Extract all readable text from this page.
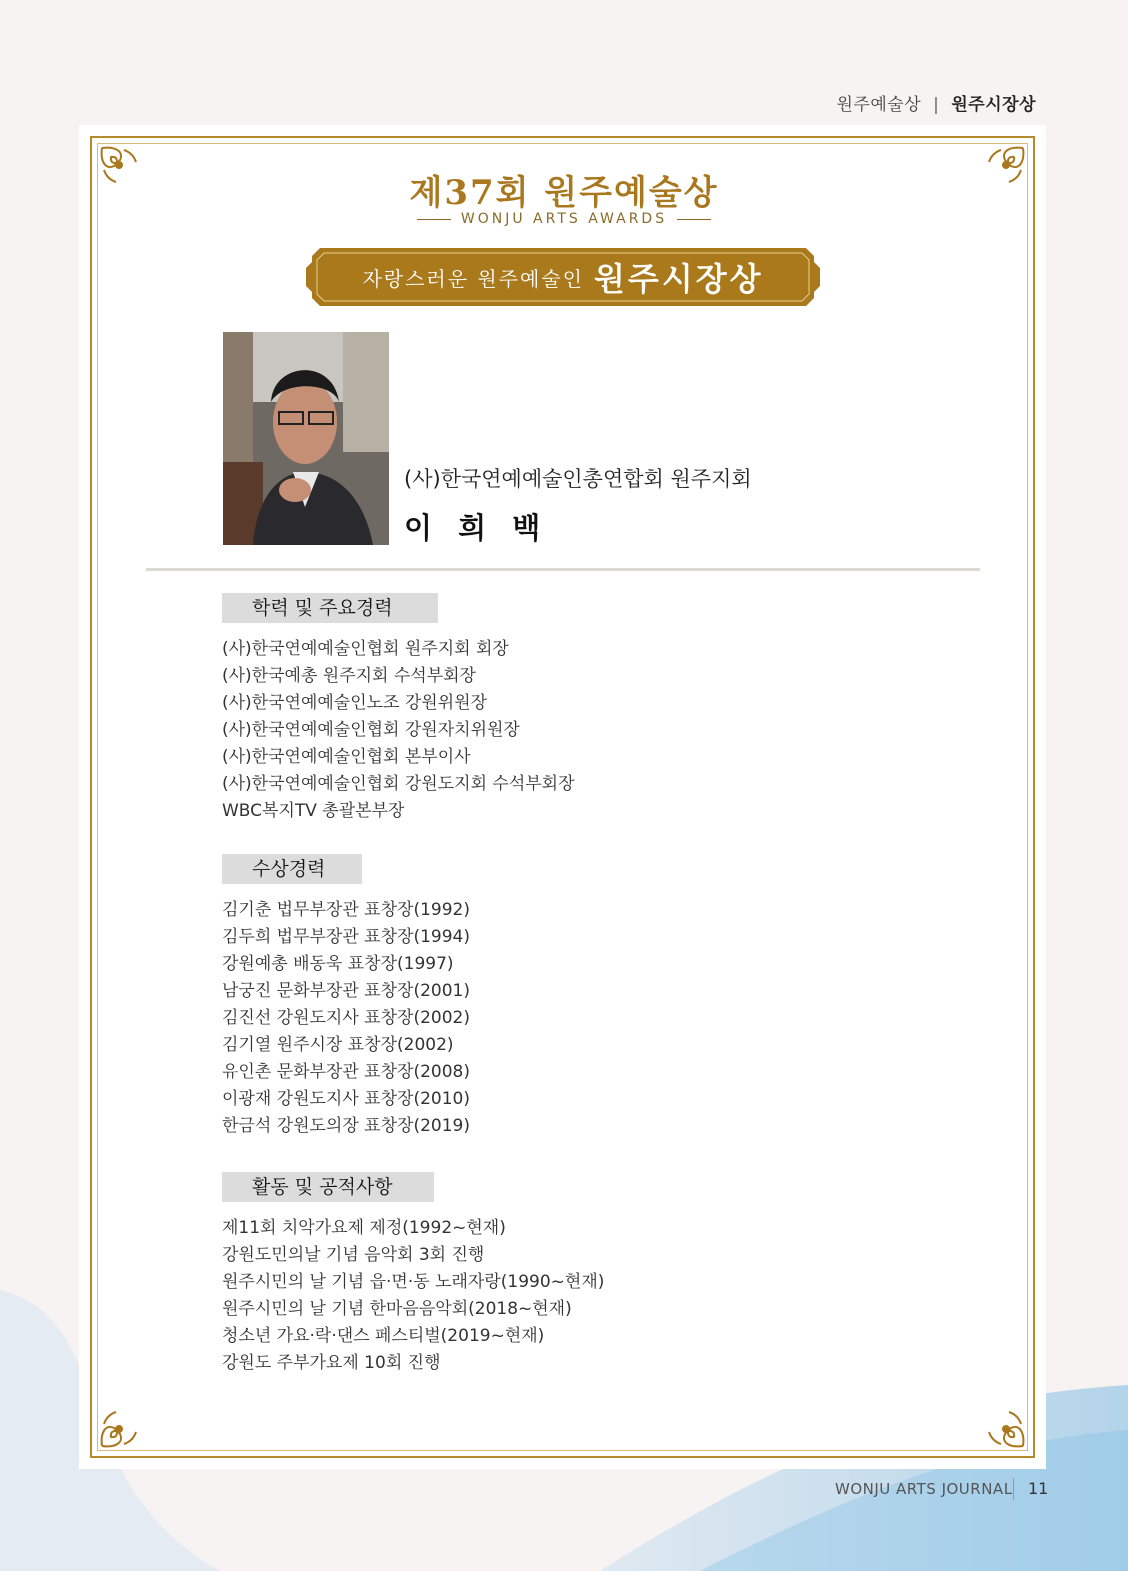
원주예술상 | 원주시장상
제37회 원주예술상
WONJU ARTS AWARDS
자랑스러운 원주예술인 원주시장상
(사)한국연예예술인총연합회 원주지회
이 희 백
학력 및 주요경력
(사)한국연예예술인협회 원주지회 회장
(사)한국예총 원주지회 수석부회장
(사)한국연예예술인노조 강원위원장
(사)한국연예예술인협회 강원자치위원장
(사)한국연예예술인협회 본부이사
(사)한국연예예술인협회 강원도지회 수석부회장
WBC복지TV 총괄본부장
수상경력
김기춘 법무부장관 표창장(1992)
김두희 법무부장관 표창장(1994)
강원예총 배동욱 표창장(1997)
남궁진 문화부장관 표창장(2001)
김진선 강원도지사 표창장(2002)
김기열 원주시장 표창장(2002)
유인촌 문화부장관 표창장(2008)
이광재 강원도지사 표창장(2010)
한금석 강원도의장 표창장(2019)
활동 및 공적사항
제11회 치악가요제 제정(1992~현재)
강원도민의날 기념 음악회 3회 진행
원주시민의 날 기념 읍·면·동 노래자랑(1990~현재)
원주시민의 날 기념 한마음음악회(2018~현재)
청소년 가요·락·댄스 페스티벌(2019~현재)
강원도 주부가요제 10회 진행
WONJU ARTS JOURNAL 11
